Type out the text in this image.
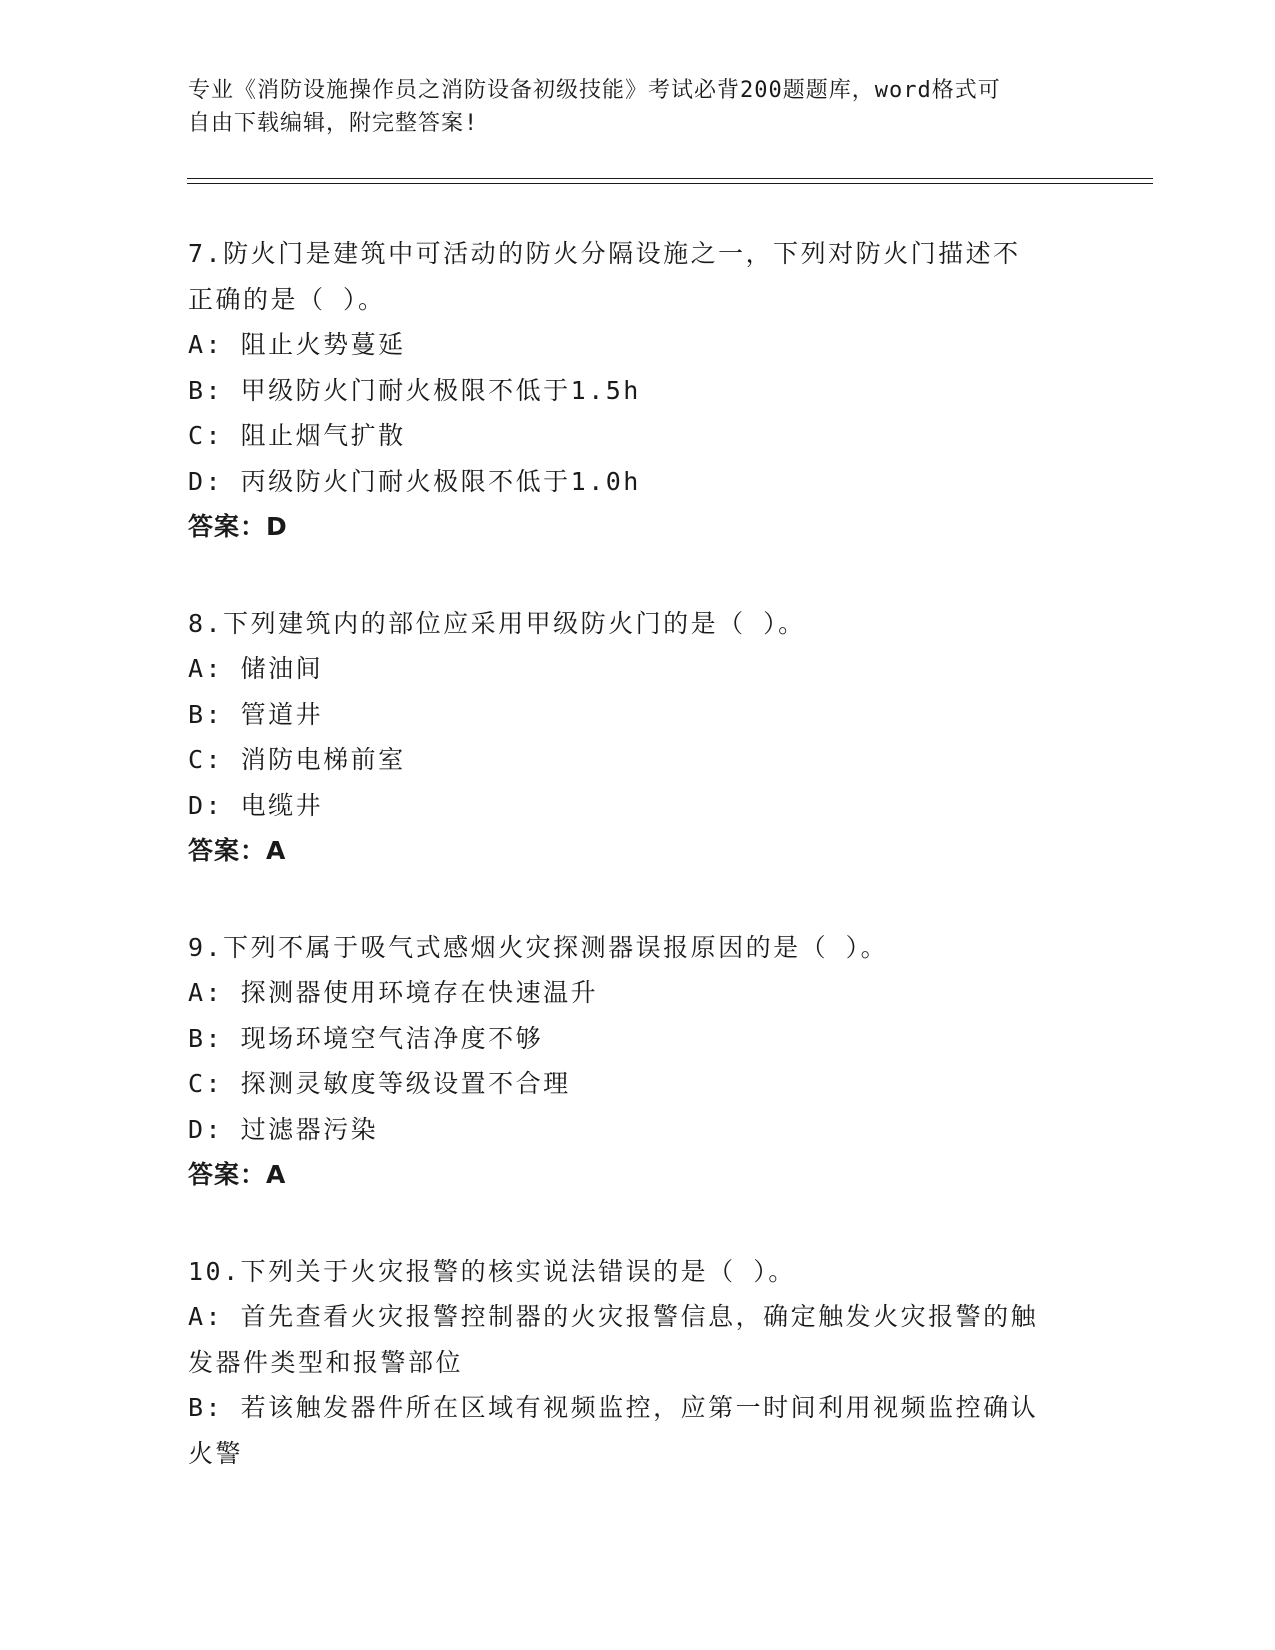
专业《消防设施操作员之消防设备初级技能》考试必背200题题库，word格式可

自由下载编辑，附完整答案!

7.防火门是建筑中可活动的防火分隔设施之一，下列对防火门描述不

正确的是（ ）。

A: 阻止火势蔓延

B: 甲级防火门耐火极限不低于1.5h

C: 阻止烟气扩散

D: 丙级防火门耐火极限不低于1.0h

答案：D

8.下列建筑内的部位应采用甲级防火门的是（ ）。

A: 储油间

B: 管道井

C: 消防电梯前室

D: 电缆井

答案：A

9.下列不属于吸气式感烟火灾探测器误报原因的是（ ）。

A: 探测器使用环境存在快速温升

B: 现场环境空气洁净度不够

C: 探测灵敏度等级设置不合理

D: 过滤器污染

答案：A

10.下列关于火灾报警的核实说法错误的是（ ）。

A: 首先查看火灾报警控制器的火灾报警信息，确定触发火灾报警的触

发器件类型和报警部位

B: 若该触发器件所在区域有视频监控，应第一时间利用视频监控确认

火警
